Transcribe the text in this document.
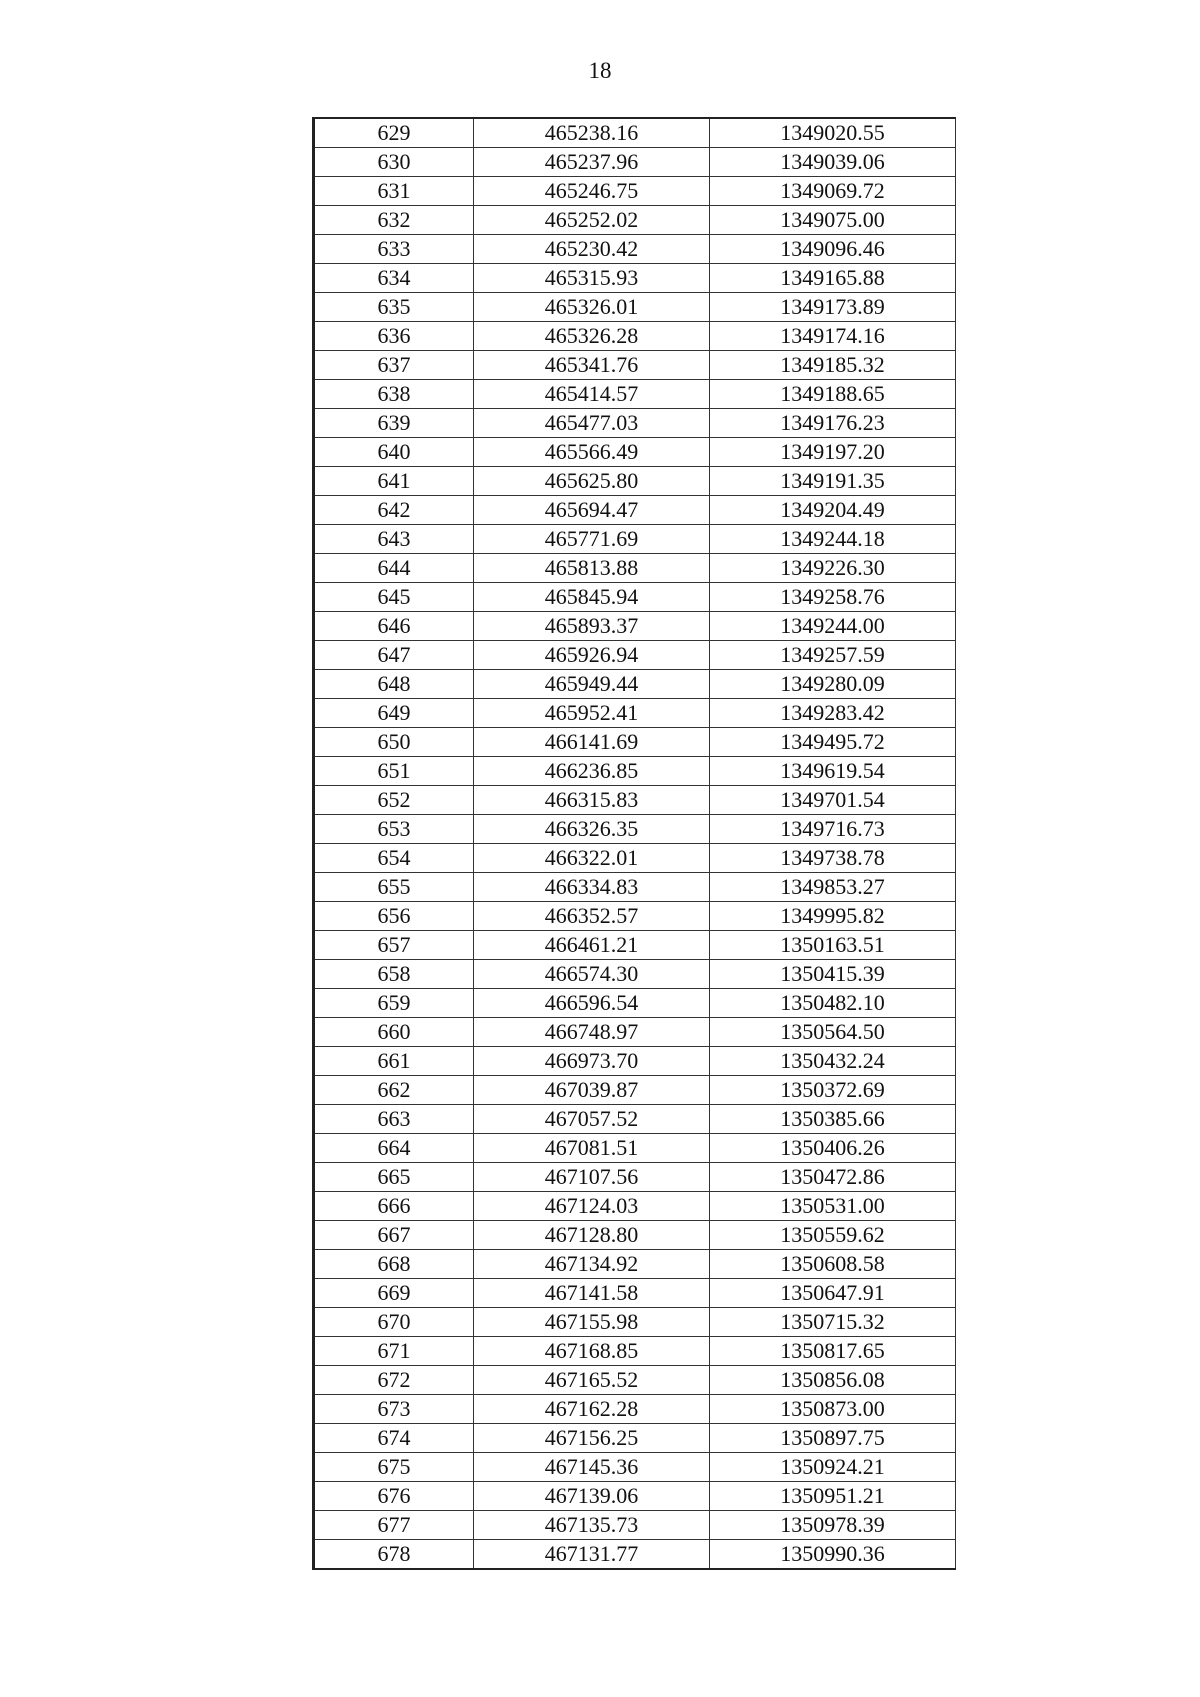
18
629	465238.16	1349020.55
630	465237.96	1349039.06
631	465246.75	1349069.72
632	465252.02	1349075.00
633	465230.42	1349096.46
634	465315.93	1349165.88
635	465326.01	1349173.89
636	465326.28	1349174.16
637	465341.76	1349185.32
638	465414.57	1349188.65
639	465477.03	1349176.23
640	465566.49	1349197.20
641	465625.80	1349191.35
642	465694.47	1349204.49
643	465771.69	1349244.18
644	465813.88	1349226.30
645	465845.94	1349258.76
646	465893.37	1349244.00
647	465926.94	1349257.59
648	465949.44	1349280.09
649	465952.41	1349283.42
650	466141.69	1349495.72
651	466236.85	1349619.54
652	466315.83	1349701.54
653	466326.35	1349716.73
654	466322.01	1349738.78
655	466334.83	1349853.27
656	466352.57	1349995.82
657	466461.21	1350163.51
658	466574.30	1350415.39
659	466596.54	1350482.10
660	466748.97	1350564.50
661	466973.70	1350432.24
662	467039.87	1350372.69
663	467057.52	1350385.66
664	467081.51	1350406.26
665	467107.56	1350472.86
666	467124.03	1350531.00
667	467128.80	1350559.62
668	467134.92	1350608.58
669	467141.58	1350647.91
670	467155.98	1350715.32
671	467168.85	1350817.65
672	467165.52	1350856.08
673	467162.28	1350873.00
674	467156.25	1350897.75
675	467145.36	1350924.21
676	467139.06	1350951.21
677	467135.73	1350978.39
678	467131.77	1350990.36
